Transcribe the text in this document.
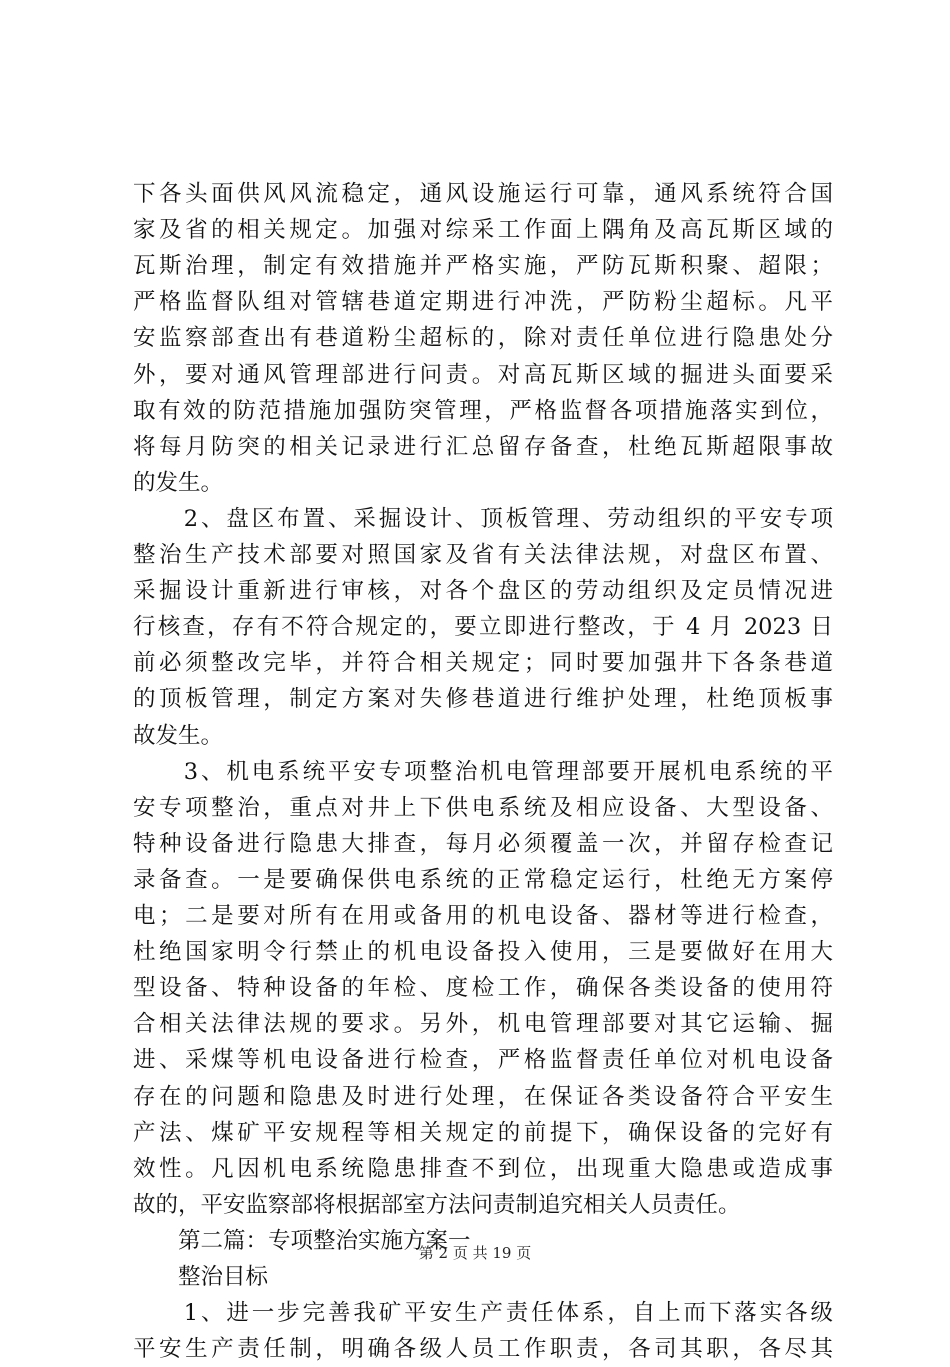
下各头面供风风流稳定，通风设施运行可靠，通风系统符合国
家及省的相关规定。加强对综采工作面上隅角及高瓦斯区域的
瓦斯治理，制定有效措施并严格实施，严防瓦斯积聚、超限；
严格监督队组对管辖巷道定期进行冲洗，严防粉尘超标。凡平
安监察部查出有巷道粉尘超标的，除对责任单位进行隐患处分
外，要对通风管理部进行问责。对高瓦斯区域的掘进头面要采
取有效的防范措施加强防突管理，严格监督各项措施落实到位，
将每月防突的相关记录进行汇总留存备查，杜绝瓦斯超限事故
的发生。
　　2、盘区布置、采掘设计、顶板管理、劳动组织的平安专项
整治生产技术部要对照国家及省有关法律法规，对盘区布置、
采掘设计重新进行审核，对各个盘区的劳动组织及定员情况进
行核查，存有不符合规定的，要立即进行整改，于 4 月 2023 日
前必须整改完毕，并符合相关规定；同时要加强井下各条巷道
的顶板管理，制定方案对失修巷道进行维护处理，杜绝顶板事
故发生。
　　3、机电系统平安专项整治机电管理部要开展机电系统的平
安专项整治，重点对井上下供电系统及相应设备、大型设备、
特种设备进行隐患大排查，每月必须覆盖一次，并留存检查记
录备查。一是要确保供电系统的正常稳定运行，杜绝无方案停
电；二是要对所有在用或备用的机电设备、器材等进行检查，
杜绝国家明令行禁止的机电设备投入使用，三是要做好在用大
型设备、特种设备的年检、度检工作，确保各类设备的使用符
合相关法律法规的要求。另外，机电管理部要对其它运输、掘
进、采煤等机电设备进行检查，严格监督责任单位对机电设备
存在的问题和隐患及时进行处理，在保证各类设备符合平安生
产法、煤矿平安规程等相关规定的前提下，确保设备的完好有
效性。凡因机电系统隐患排查不到位，出现重大隐患或造成事
故的，平安监察部将根据部室方法问责制追究相关人员责任。
　　第二篇：专项整治实施方案一
　　整治目标
　　1、进一步完善我矿平安生产责任体系，自上而下落实各级
平安生产责任制，明确各级人员工作职责，各司其职，各尽其
第 2 页 共 19 页
